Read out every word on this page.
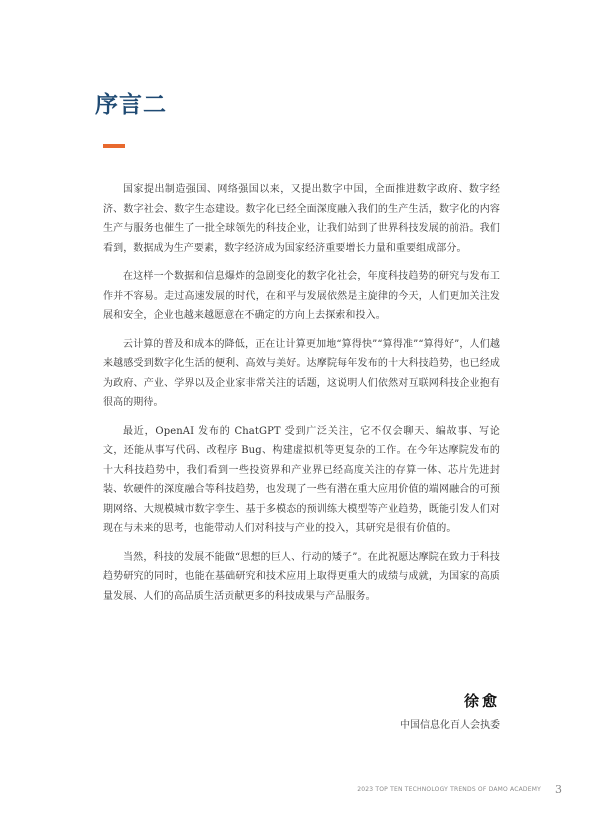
序言二

国家提出制造强国、网络强国以来，又提出数字中国，全面推进数字政府、数字经济、数字社会、数字生态建设。数字化已经全面深度融入我们的生产生活，数字化的内容生产与服务也催生了一批全球领先的科技企业，让我们站到了世界科技发展的前沿。我们看到，数据成为生产要素，数字经济成为国家经济重要增长力量和重要组成部分。

在这样一个数据和信息爆炸的急剧变化的数字化社会，年度科技趋势的研究与发布工作并不容易。走过高速发展的时代，在和平与发展依然是主旋律的今天，人们更加关注发展和安全，企业也越来越愿意在不确定的方向上去探索和投入。

云计算的普及和成本的降低，正在让计算更加地“算得快”“算得准”“算得好”，人们越来越感受到数字化生活的便利、高效与美好。达摩院每年发布的十大科技趋势，也已经成为政府、产业、学界以及企业家非常关注的话题，这说明人们依然对互联网科技企业抱有很高的期待。

最近，OpenAI 发布的 ChatGPT 受到广泛关注，它不仅会聊天、编故事、写论文，还能从事写代码、改程序 Bug、构建虚拟机等更复杂的工作。在今年达摩院发布的十大科技趋势中，我们看到一些投资界和产业界已经高度关注的存算一体、芯片先进封装、软硬件的深度融合等科技趋势，也发现了一些有潜在重大应用价值的端网融合的可预期网络、大规模城市数字孪生、基于多模态的预训练大模型等产业趋势，既能引发人们对现在与未来的思考，也能带动人们对科技与产业的投入，其研究是很有价值的。

当然，科技的发展不能做“思想的巨人、行动的矮子”。在此祝愿达摩院在致力于科技趋势研究的同时，也能在基础研究和技术应用上取得更重大的成绩与成就，为国家的高质量发展、人们的高品质生活贡献更多的科技成果与产品服务。

徐愈
中国信息化百人会执委
2023 TOP TEN TECHNOLOGY TRENDS OF DAMO ACADEMY 3
